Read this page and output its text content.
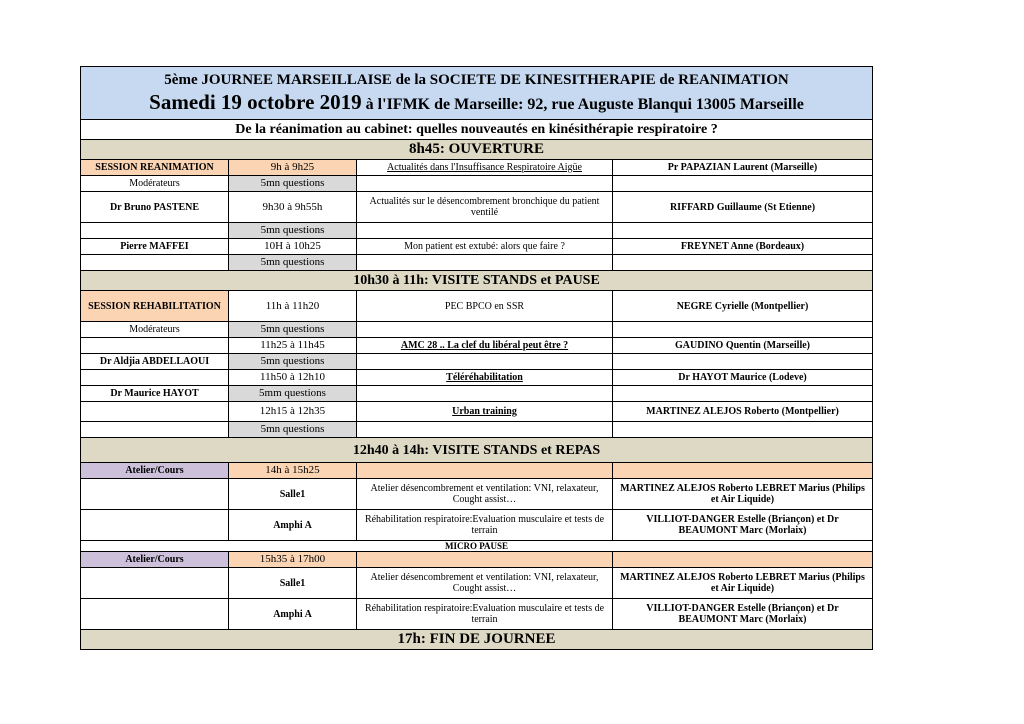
5ème JOURNEE MARSEILLAISE de la SOCIETE DE KINESITHERAPIE de REANIMATION
Samedi 19 octobre 2019 à l'IFMK de Marseille: 92, rue Auguste Blanqui 13005 Marseille			

De la réanimation au cabinet: quelles nouveautés en kinésithérapie respiratoire ?			
8h45: OUVERTURE			
SESSION REANIMATION	9h à 9h25	Actualités dans l'Insuffisance Respiratoire Aigüe	Pr PAPAZIAN Laurent (Marseille)
Modérateurs	5mn questions		
Dr Bruno PASTENE	9h30 à 9h55h	Actualités sur le désencombrement bronchique du patient ventilé	RIFFARD Guillaume (St Etienne)
	5mn questions		
Pierre MAFFEI	10H à 10h25	Mon patient est extubé: alors que faire ?	FREYNET Anne (Bordeaux)
	5mn questions		
10h30 à 11h: VISITE STANDS et PAUSE			
SESSION REHABILITATION	11h à 11h20	PEC BPCO en SSR	NEGRE Cyrielle (Montpellier)
Modérateurs	5mn questions		
	11h25 à 11h45	AMC 28 .. La clef du libéral peut être ?	GAUDINO Quentin (Marseille)
Dr Aldjia ABDELLAOUI	5mn questions		
	11h50 à 12h10	Téléréhabilitation	Dr HAYOT Maurice (Lodeve)
Dr Maurice HAYOT	5mm questions		
	12h15 à 12h35	Urban training	MARTINEZ ALEJOS Roberto (Montpellier)
	5mn questions		
12h40 à 14h: VISITE STANDS et REPAS			
Atelier/Cours	14h à 15h25		
	Salle1	Atelier désencombrement et ventilation: VNI, relaxateur, Cought assist…	MARTINEZ ALEJOS Roberto LEBRET Marius (Philips et Air Liquide)
	Amphi A	Réhabilitation respiratoire:Evaluation musculaire et tests de terrain	VILLIOT-DANGER Estelle (Briançon) et Dr BEAUMONT Marc (Morlaix)
MICRO PAUSE			
Atelier/Cours	15h35 à 17h00		
	Salle1	Atelier désencombrement et ventilation: VNI, relaxateur, Cought assist…	MARTINEZ ALEJOS Roberto LEBRET Marius (Philips et Air Liquide)
	Amphi A	Réhabilitation respiratoire:Evaluation musculaire et tests de terrain	VILLIOT-DANGER Estelle (Briançon) et Dr BEAUMONT Marc (Morlaix)
17h: FIN DE JOURNEE			
